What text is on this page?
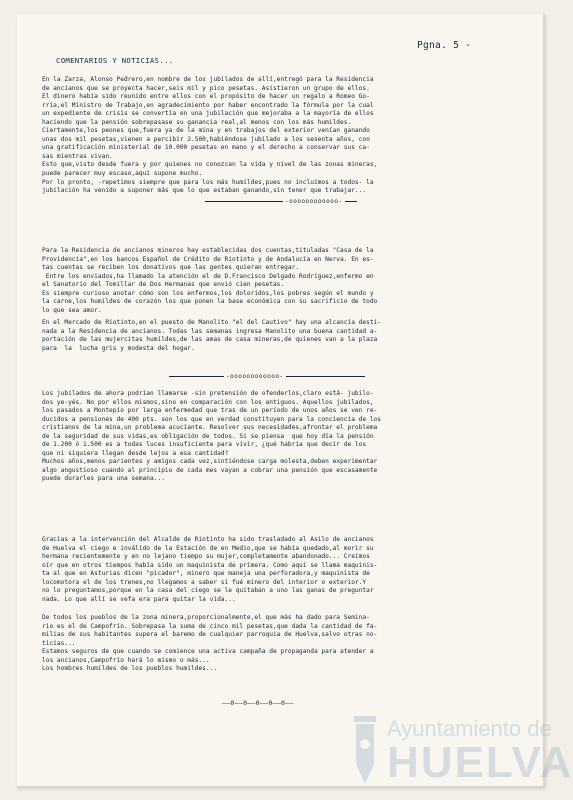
Pgna. 5 -
COMENTARIOS Y NOTICIAS...
En la Zarza, Alonso Pedrero,en nombre de los jubilados de allí,entregó para la Residencia
de ancianos que se proyecta hacer,seis mil y pico pesetas. Asistieron un grupo de ellos.
El dinero había sido reunido entre ellos con el propósito de hacer un regalo a Romeo Go-
rría,el Ministro de Trabajo,en agradecimiento por haber encontrado la fórmula por la cual
un expediente de crisis se convertía en una jubilación que mejoraba a la mayoría de ellos
haciendo que la pensión sobrepasase su ganancia real,al menos con los más humildes.
Ciertamente,los peones que,fuera ya de la mina y en trabajos del exterior venían ganando
unas dos mil pesetas,vienen a percibir 2.500,habiéndose jubilado a los sesenta años, con
una gratificación ministerial de 10.000 pesetas en mano y el derecho a conservar sus ca-
sas mientras vivan.
Esto que,visto desde fuera y por quienes no conozcan la vida y nivel de las zonas mineras,
puede parecer muy escaso,aquí supone mucho.
Por lo pronto, -repetimos siempre que para los más humildes,pues no incluímos a todos- la
jubilación ha venido a suponer más que lo que estaban ganando,sin tener que trabajar...
-oooooooooooo-
Para la Residencia de ancianos mineros hay establecidas dos cuentas,tituladas "Casa de la
Providencia",en los bancos Español de Crédito de Riotinto y de Andalucía en Nerva. En es-
tas cuentas se reciben los donativos que las gentes quieran entregar.
Entre los enviados,ha llamado la atención el de D.Francisco Delgado Rodríguez,enfermo en
el Sanatorio del Tomillar de Dos Hermanas que envió cien pesetas.
Es siempre curioso anotar cómo son los enfermos,los doloridos,los pobres según el mundo y
la carne,los humildes de corazón los que ponen la base económica con su sacrificio de todo
lo que sea amor.
En el Mercado de Riotinto,en el puesto de Manolito "el del Cautivo" hay una alcancía desti-
nada a la Residencia de ancianos. Todas las semanas ingresa Manolito una buena cantidad a-
portación de las mujercitas humildes,de las amas de casa mineras,de quienes van a la plaza
para  la  lucha gris y modesta del hogar.
-oooooooooooo-
Los jubilados de ahora podrían llamarse -sin pretensión de ofenderlos,claro está- jubilo-
dos ye-yés. No por ellos mismos,sino en comparación con los antiguos. Aquellos jubilados,
los pasados a Montepío por larga enfermedad que tras de un período de unos años se ven re-
ducidos a pensiones de 400 pts. son los que en verdad constituyen para la conciencia de los
cristianos de la mina,un problema acuciante. Resolver sus necesidades,afrontar el problema
de la seguridad de sus vidas,es obligación de todos. Si se piensa  que hoy día la pensión
de 1.200 ó 1.500 es a todas luces insuficiente para vivir, ¿qué habría que decir de los
que ni siquiera llegan desde lejos a esa cantidad?
Muchos años,menos parientes y amigos cada vez,sintiéndose carga molesta,deben experimentar
algo angustioso cuando al principio de cada mes vayan a cobrar una pensión que escasamente
puede durarles para una semana...
Gracias a la intervención del Alcalde de Riotinto ha sido trasladado al Asilo de ancianos
de Huelva el ciego e inválido de la Estación de en Medio,que se había quedado,al morir su
hermana recientemente y en no lejano tiempo su mujer,completamente abandonado... Creímos
oír que en otros tiempos había sido un maquinista de primera. Como aquí se llama maquinis-
ta al que en Asturias dicen "picador", minero que maneja una perforadora,y maquinista de
locomotora el de los trenes,no llegamos a saber si fué minero del interior o exterior.Y
no lo preguntamos,porque en la casa del ciego se le quitaban a uno las ganas de preguntar
nada. Lo que allí se vefa era para quitar la vida...
De todos los pueblos de la zona minera,proporcionalmente,el que más ha dado para Semina-
rio es el de Campofrío. Sobrepasa la suma de cinco mil pesetas,que dada la cantidad de fa-
milias de sus habitantes supera el baremo de cualquier parroquia de Huelva,salvo otras no-
ticias...
Estamos seguros de que cuando se comience una activa campaña de propaganda para atender a
los ancianos,Campofrío hará lo mismo o más...
Los hombres humildes de los pueblos humildes...
——0——0——0——0——0——
Ayuntamiento de
HUELVA
